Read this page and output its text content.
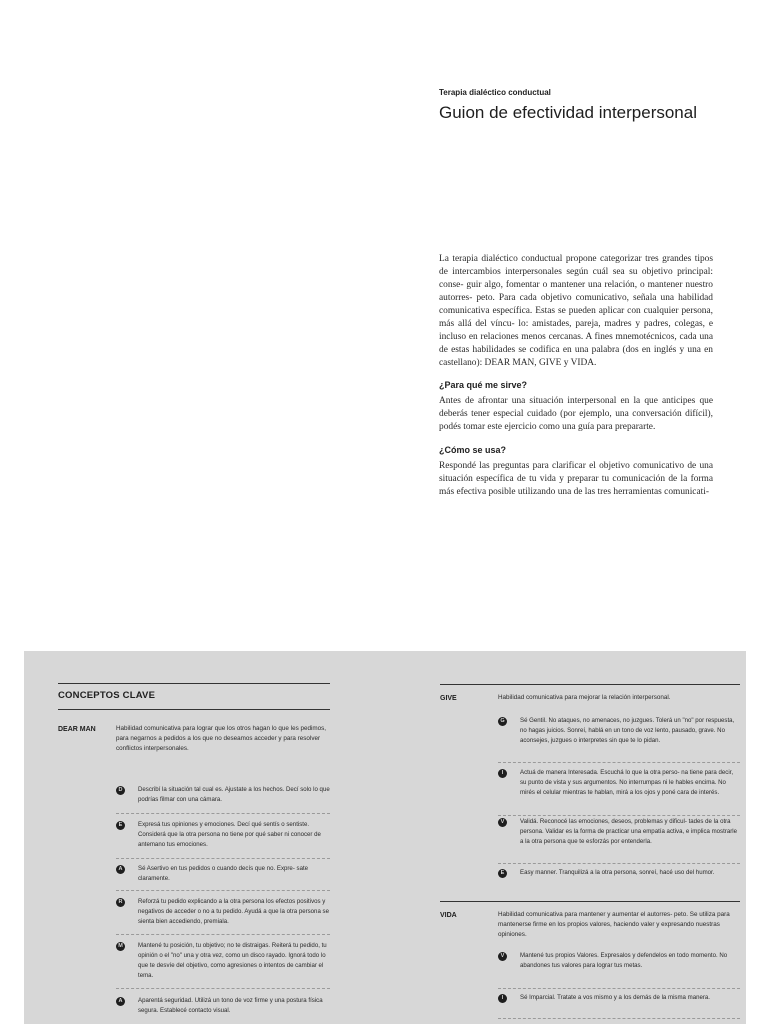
Terapia dialéctico conductual
Guion de efectividad interpersonal

La terapia dialéctico conductual propone categorizar tres grandes tipos de intercambios interpersonales según cuál sea su objetivo principal: conse- guir algo, fomentar o mantener una relación, o mantener nuestro autorres- peto. Para cada objetivo comunicativo, señala una habilidad comunicativa específica. Estas se pueden aplicar con cualquier persona, más allá del víncu- lo: amistades, pareja, madres y padres, colegas, e incluso en relaciones menos cercanas. A fines mnemotécnicos, cada una de estas habilidades se codifica en una palabra (dos en inglés y una en castellano): DEAR MAN, GIVE y VIDA.

¿Para qué me sirve?

Antes de afrontar una situación interpersonal en la que anticipes que deberás tener especial cuidado (por ejemplo, una conversación difícil), podés tomar este ejercicio como una guía para prepararte.

¿Cómo se usa?

Respondé las preguntas para clarificar el objetivo comunicativo de una situación específica de tu vida y preparar tu comunicación de la forma más efectiva posible utilizando una de las tres herramientas comunicati-

CONCEPTOS CLAVE
DEAR MAN	Habilidad comunicativa para lograr que los otros hagan lo que les pedimos, para negarnos a pedidos a los que no deseamos acceder y para resolver conflictos interpersonales.
D	Describí la situación tal cual es. Ajustate a los hechos. Decí solo lo que podrías filmar con una cámara.
E	Expresá tus opiniones y emociones. Decí qué sentís o sentiste. Considerá que la otra persona no tiene por qué saber ni conocer de antemano tus emociones.
A	Sé Asertivo en tus pedidos o cuando decís que no. Expre- sate claramente.
R	Reforzá tu pedido explicando a la otra persona los efectos positivos y negativos de acceder o no a tu pedido. Ayudá a que la otra persona se sienta bien accediendo, premiala.
M	Mantené tu posición, tu objetivo; no te distraigas. Reiterá tu pedido, tu opinión o el "no" una y otra vez, como un disco rayado. Ignorá todo lo que te desvíe del objetivo, como agresiones o intentos de cambiar el tema.
A	Aparentá seguridad. Utilizá un tono de voz firme y una postura física segura. Establecé contacto visual.
GIVE	Habilidad comunicativa para mejorar la relación interpersonal.
G	Sé Gentil. No ataques, no amenaces, no juzgues. Tolerá un "no" por respuesta, no hagas juicios. Sonreí, hablá en un tono de voz lento, pausado, grave. No aconsejes, juzgues o interpretes sin que te lo pidan.
I	Actuá de manera Interesada. Escuchá lo que la otra perso- na tiene para decir, su punto de vista y sus argumentos. No interrumpas ni le hables encima. No mirés el celular mientras te hablan, mirá a los ojos y poné cara de interés.
V	Validá. Reconocé las emociones, deseos, problemas y dificul- tades de la otra persona. Validar es la forma de practicar una empatía activa, e implica mostrarle a la otra persona que te esforzás por entenderla.
E	Easy manner. Tranquilizá a la otra persona, sonreí, hacé uso del humor.
VIDA	Habilidad comunicativa para mantener y aumentar el autorres- peto. Se utiliza para mantenerse firme en los propios valores, haciendo valer y expresando nuestras opiniones.
V	Mantené tus propios Valores. Expresalos y defendelos en todo momento. No abandones tus valores para lograr tus metas.
I	Sé Imparcial. Tratate a vos mismo y a los demás de la misma manera.
